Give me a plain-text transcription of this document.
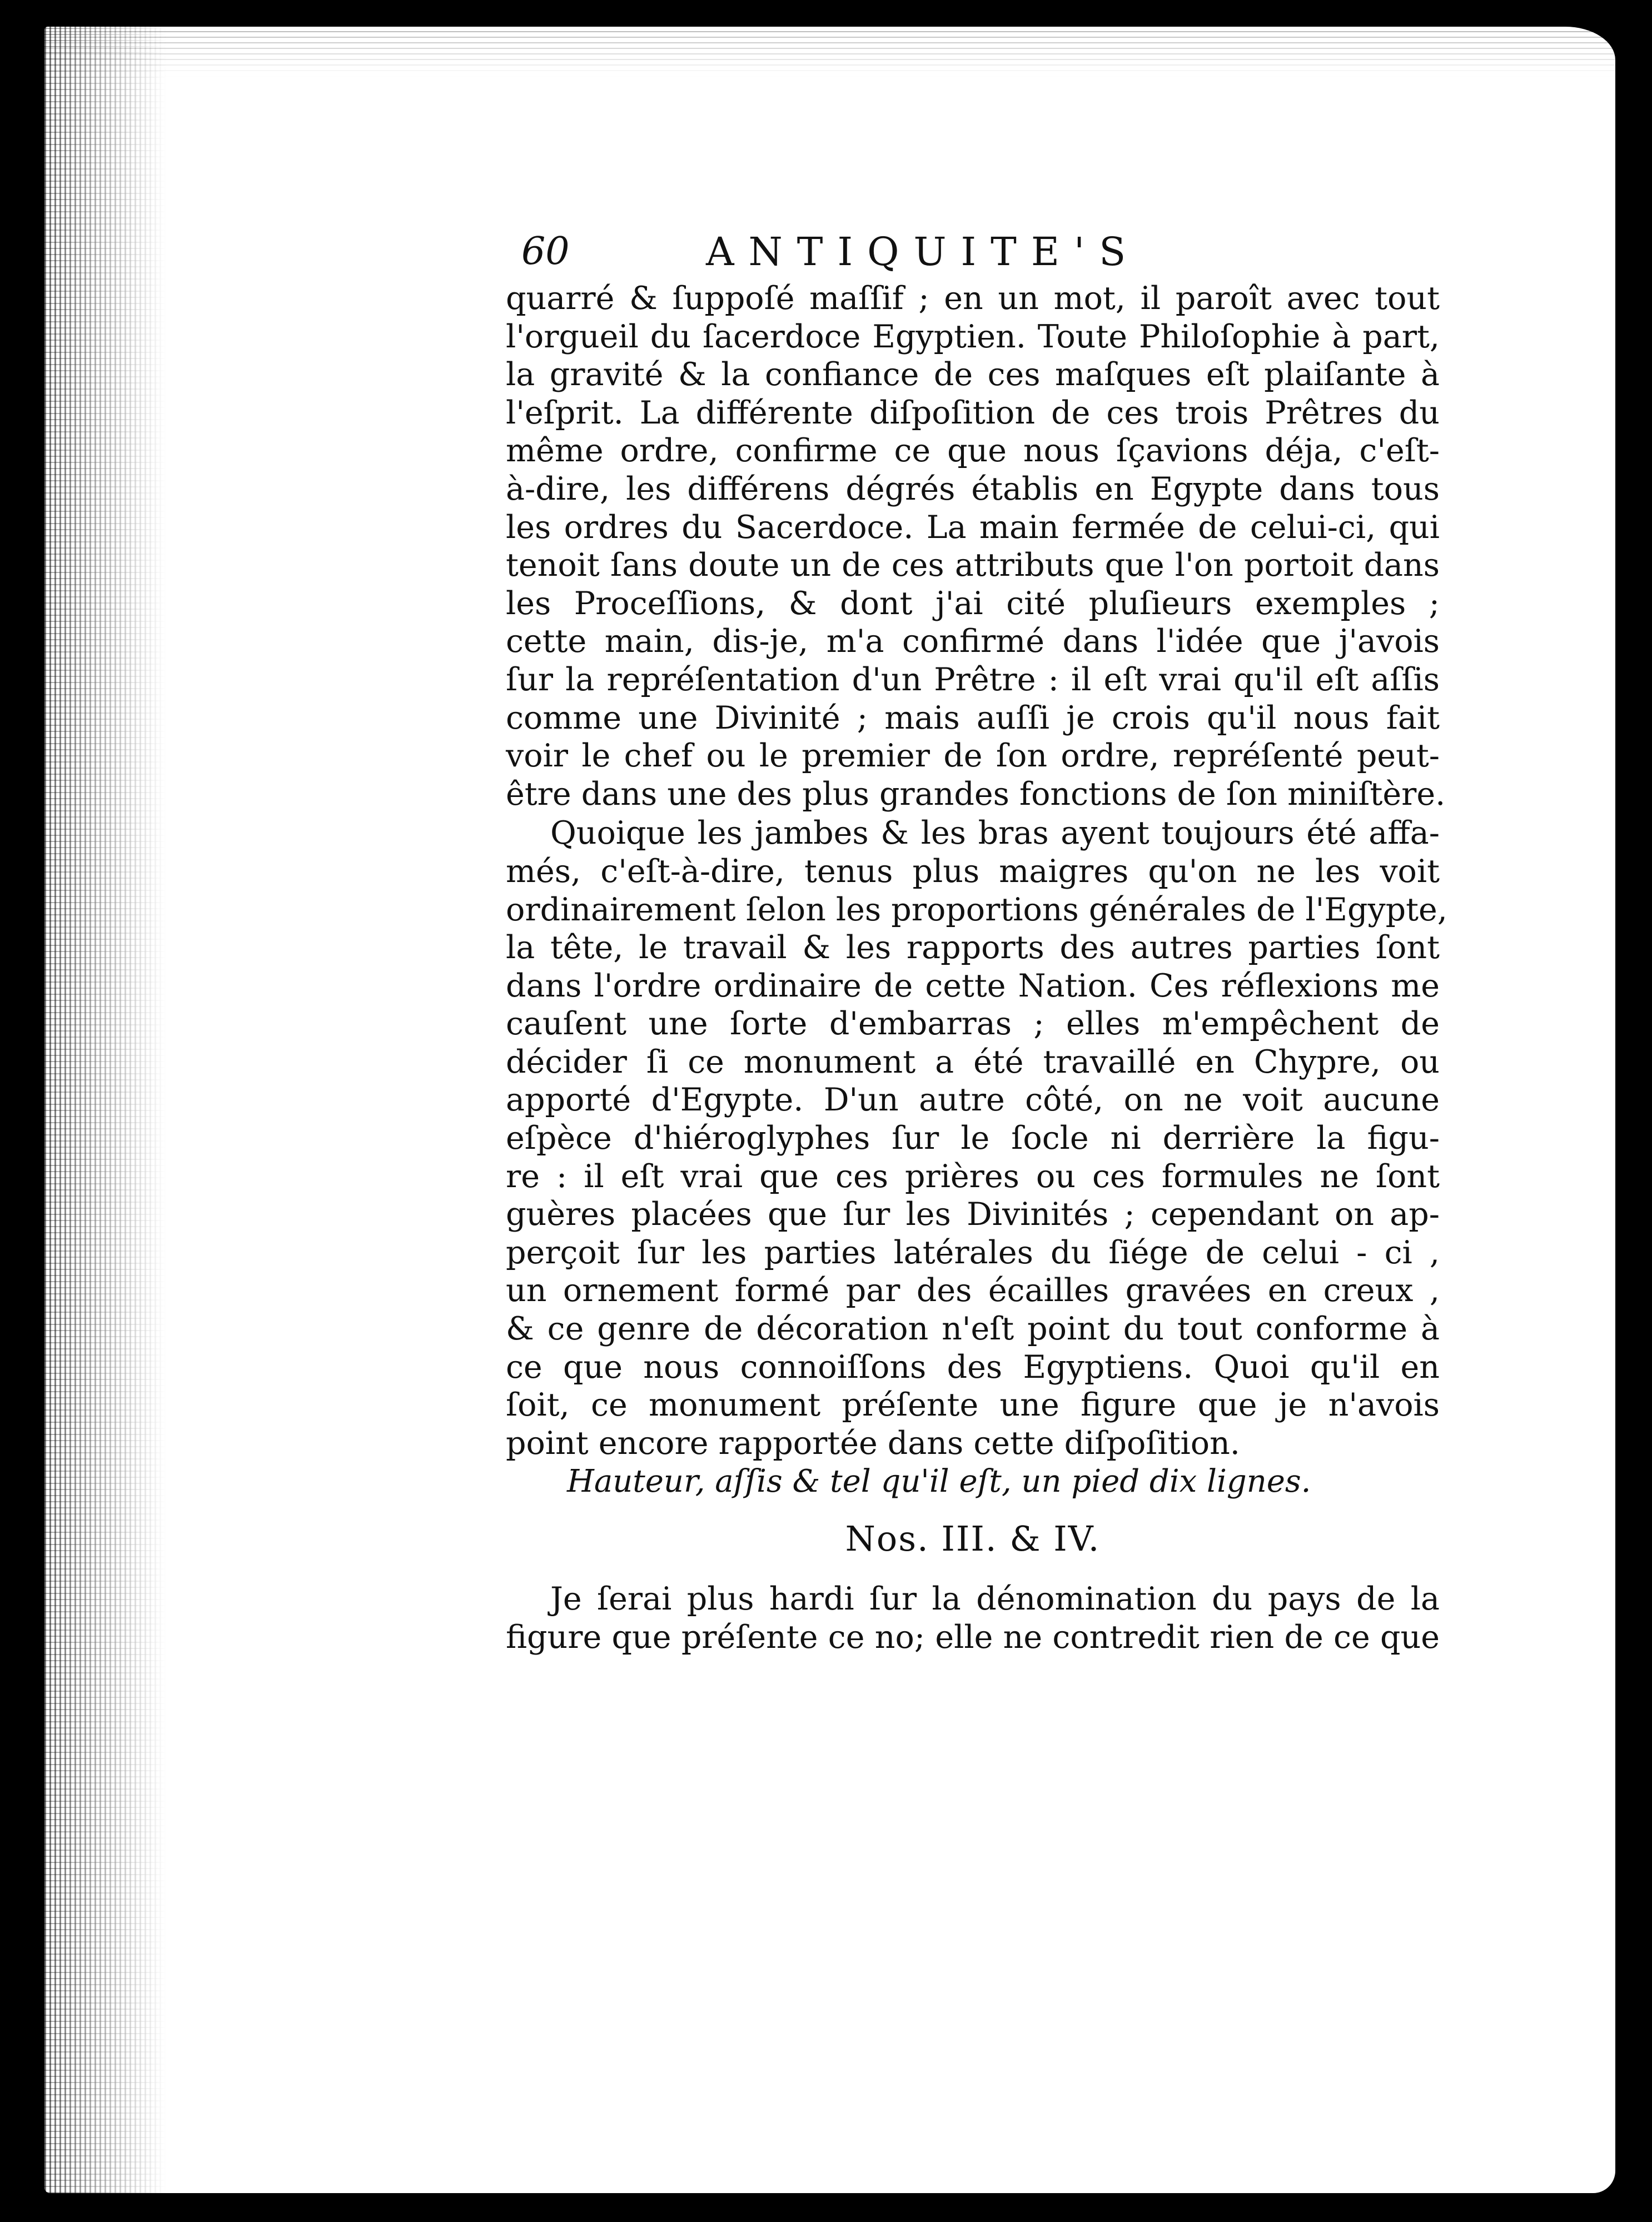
60	ANTIQUITE'S
quarré & ſuppoſé maſſif ; en un mot, il paroît avec tout
l'orgueil du ſacerdoce Egyptien. Toute Philoſophie à part,
la gravité & la confiance de ces maſques eſt plaiſante à
l'eſprit. La différente diſpoſition de ces trois Prêtres du
même ordre, confirme ce que nous ſçavions déja, c'eſt-
à-dire, les différens dégrés établis en Egypte dans tous
les ordres du Sacerdoce. La main fermée de celui-ci, qui
tenoit ſans doute un de ces attributs que l'on portoit dans
les Proceſſions, & dont j'ai cité pluſieurs exemples ;
cette main, dis-je, m'a confirmé dans l'idée que j'avois
ſur la repréſentation d'un Prêtre : il eſt vrai qu'il eſt aſſis
comme une Divinité ; mais auſſi je crois qu'il nous fait
voir le chef ou le premier de ſon ordre, repréſenté peut-
être dans une des plus grandes fonctions de ſon miniſtère.
Quoique les jambes & les bras ayent toujours été affa-
més, c'eſt-à-dire, tenus plus maigres qu'on ne les voit
ordinairement ſelon les proportions générales de l'Egypte,
la tête, le travail & les rapports des autres parties ſont
dans l'ordre ordinaire de cette Nation. Ces réflexions me
cauſent une ſorte d'embarras ; elles m'empêchent de
décider ſi ce monument a été travaillé en Chypre, ou
apporté d'Egypte. D'un autre côté, on ne voit aucune
eſpèce d'hiéroglyphes ſur le ſocle ni derrière la figu-
re : il eſt vrai que ces prières ou ces formules ne ſont
guères placées que ſur les Divinités ; cependant on ap-
perçoit ſur les parties latérales du ſiége de celui - ci ,
un ornement formé par des écailles gravées en creux ,
& ce genre de décoration n'eſt point du tout conforme à
ce que nous connoiſſons des Egyptiens. Quoi qu'il en
ſoit, ce monument préſente une figure que je n'avois
point encore rapportée dans cette diſpoſition.
Hauteur, aſſis & tel qu'il eſt, un pied dix lignes.
Nos. III. & IV.
Je ſerai plus hardi ſur la dénomination du pays de la
figure que préſente ce no; elle ne contredit rien de ce que
